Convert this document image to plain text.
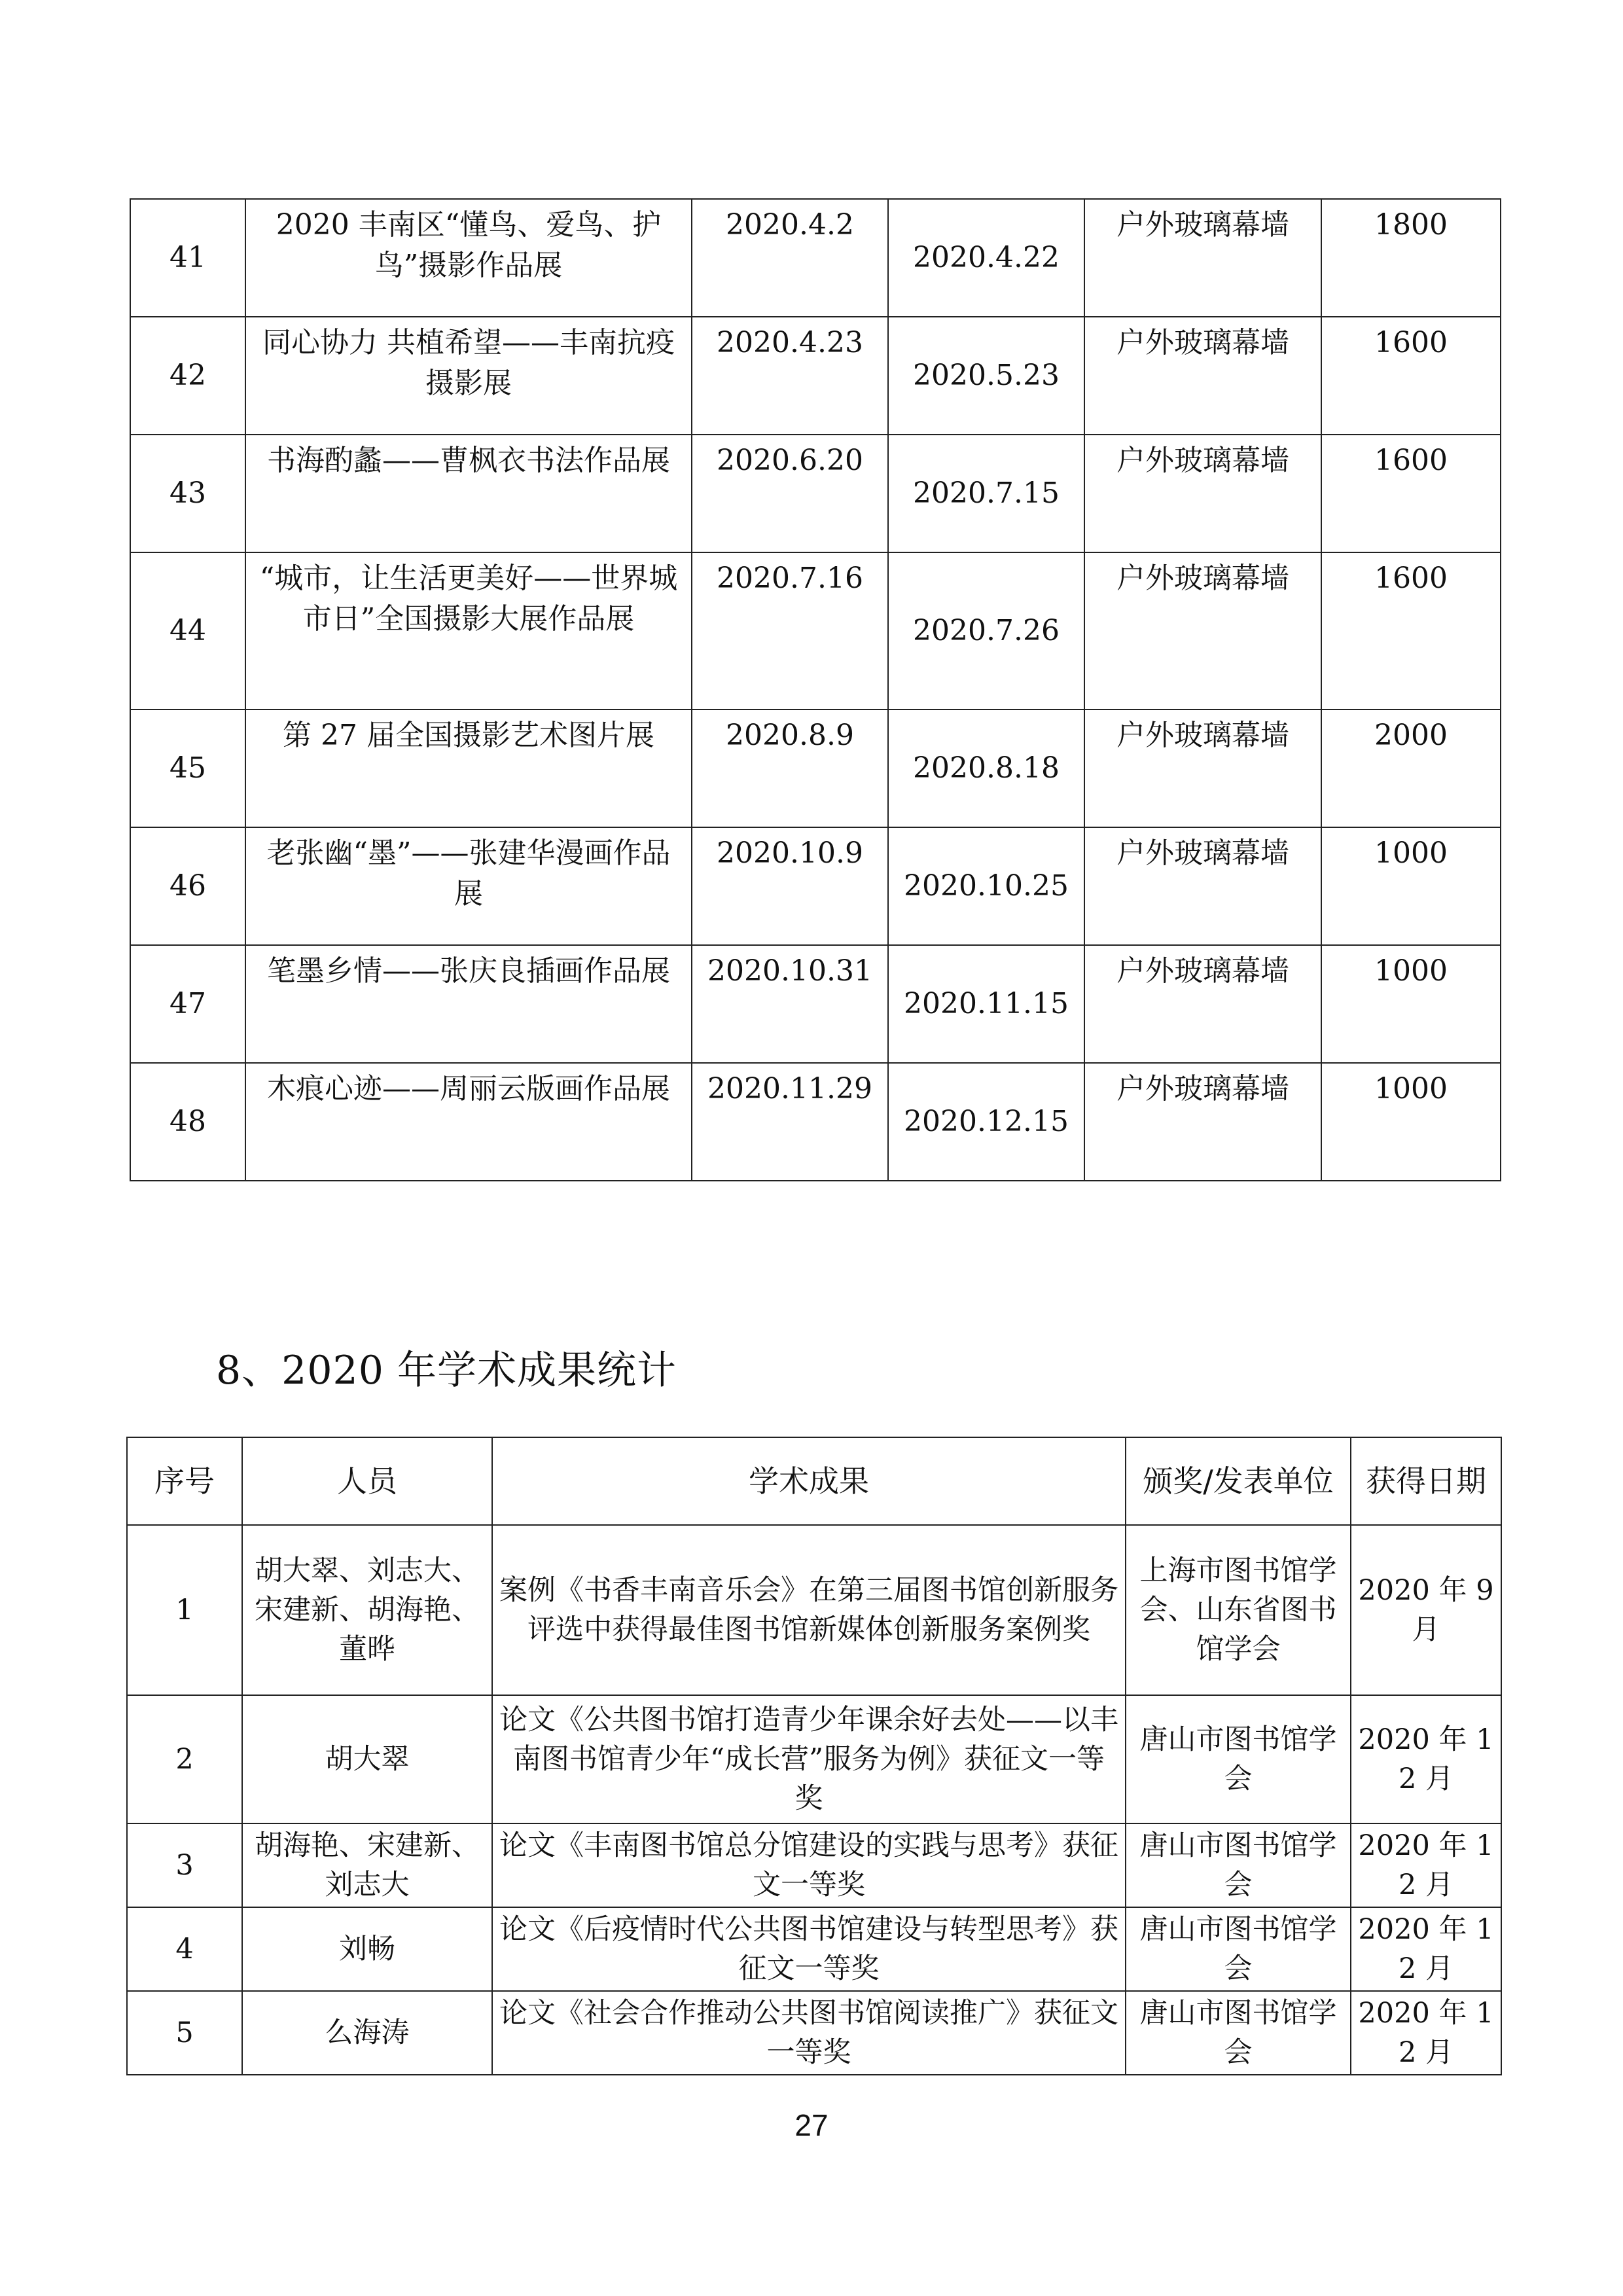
41	2020 丰南区“懂鸟、爱鸟、护鸟”摄影作品展	2020.4.2	2020.4.22	户外玻璃幕墙	1800
42	同心协力 共植希望——丰南抗疫摄影展	2020.4.23	2020.5.23	户外玻璃幕墙	1600
43	书海酌蠡——曹枫衣书法作品展	2020.6.20	2020.7.15	户外玻璃幕墙	1600
44	“城市，让生活更美好——世界城市日”全国摄影大展作品展	2020.7.16	2020.7.26	户外玻璃幕墙	1600
45	第 27 届全国摄影艺术图片展	2020.8.9	2020.8.18	户外玻璃幕墙	2000
46	老张幽“墨”——张建华漫画作品展	2020.10.9	2020.10.25	户外玻璃幕墙	1000
47	笔墨乡情——张庆良插画作品展	2020.10.31	2020.11.15	户外玻璃幕墙	1000
48	木痕心迹——周丽云版画作品展	2020.11.29	2020.12.15	户外玻璃幕墙	1000
8、2020 年学术成果统计
序号	人员	学术成果	颁奖/发表单位	获得日期
1	胡大翠、刘志大、宋建新、胡海艳、董晔	案例《书香丰南音乐会》在第三届图书馆创新服务评选中获得最佳图书馆新媒体创新服务案例奖	上海市图书馆学会、山东省图书馆学会	2020 年 9 月
2	胡大翠	论文《公共图书馆打造青少年课余好去处——以丰南图书馆青少年“成长营”服务为例》获征文一等奖	唐山市图书馆学会	2020 年 12 月
3	胡海艳、宋建新、刘志大	论文《丰南图书馆总分馆建设的实践与思考》获征文一等奖	唐山市图书馆学会	2020 年 12 月
4	刘畅	论文《后疫情时代公共图书馆建设与转型思考》获征文一等奖	唐山市图书馆学会	2020 年 12 月
5	么海涛	论文《社会合作推动公共图书馆阅读推广》获征文一等奖	唐山市图书馆学会	2020 年 12 月
27
